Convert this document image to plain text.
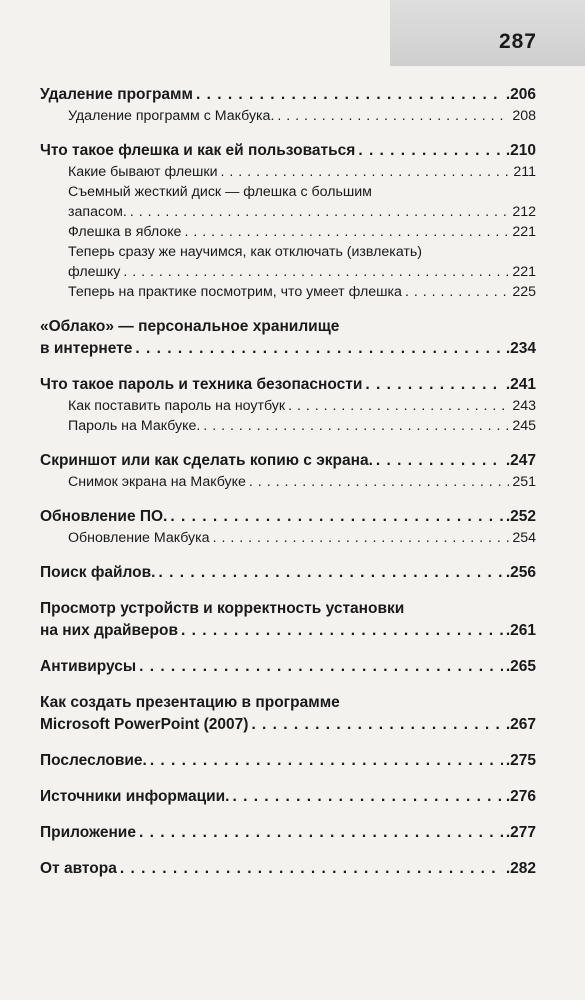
287
Удаление программ . . .	.206
Удаление программ с Макбука. . . .	208
Что такое флешка и как ей пользоваться . . .	.210
Какие бывают флешки . . .	211
Съемный жесткий диск — флешка с большим
запасом. . . .	212
Флешка в яблоке . . .	221
Теперь сразу же научимся, как отключать (извлекать)
флешку . . .	221
Теперь на практике посмотрим, что умеет флешка . . .	225
«Облако» — персональное хранилище
в интернете . . .	.234
Что такое пароль и техника безопасности . . .	.241
Как поставить пароль на ноутбук . . .	243
Пароль на Макбуке. . . .	245
Скриншот или как сделать копию с экрана. . . .	.247
Снимок экрана на Макбуке . . .	251
Обновление ПО. . . .	.252
Обновление Макбука . . .	254
Поиск файлов. . . .	.256
Просмотр устройств и корректность установки
на них драйверов . . .	.261
Антивирусы . . .	.265
Как создать презентацию в программе
Microsoft PowerPoint (2007) . . .	.267
Послесловие. . . .	.275
Источники информации. . . .	.276
Приложение . . .	.277
От автора . . .	.282
